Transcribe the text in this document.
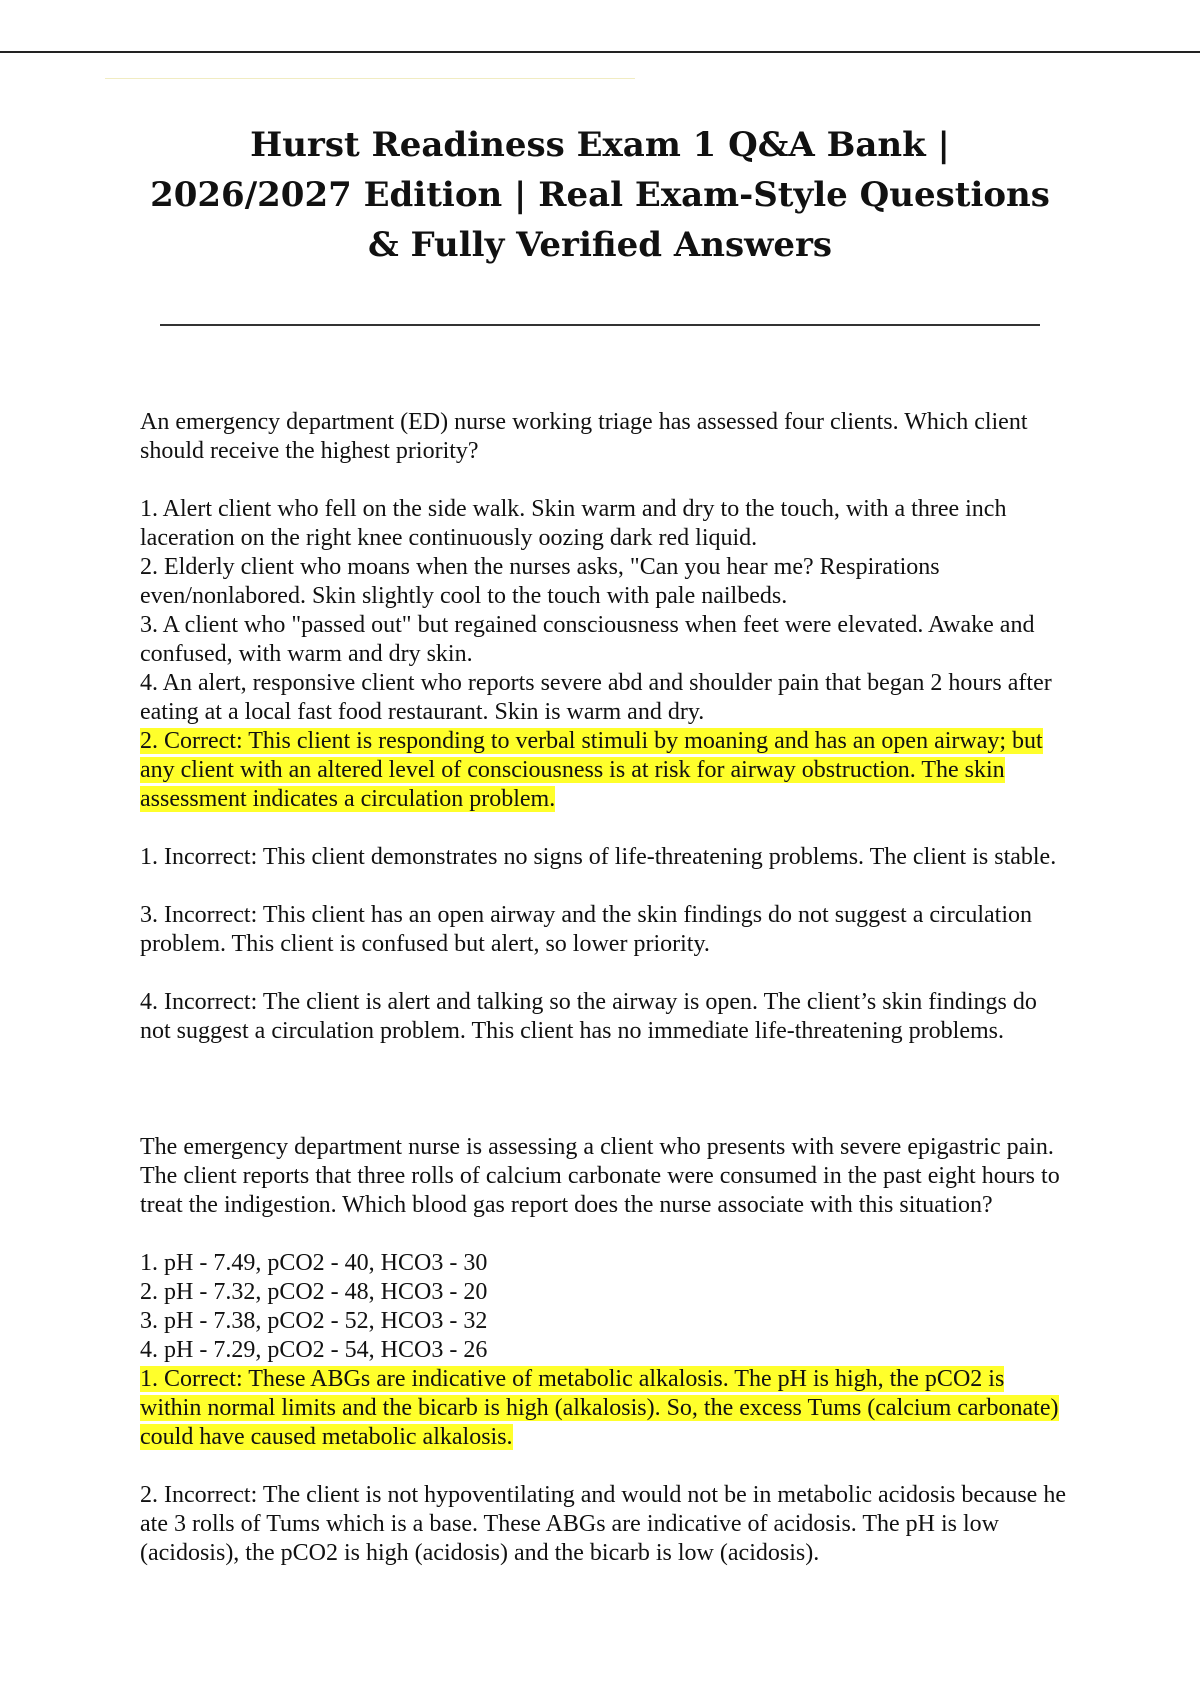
Hurst Readiness Exam 1 Q&A Bank | 2026/2027 Edition | Real Exam-Style Questions & Fully Verified Answers

An emergency department (ED) nurse working triage has assessed four clients. Which client should receive the highest priority?

1. Alert client who fell on the side walk. Skin warm and dry to the touch, with a three inch laceration on the right knee continuously oozing dark red liquid.

2. Elderly client who moans when the nurses asks, "Can you hear me? Respirations even/nonlabored. Skin slightly cool to the touch with pale nailbeds.

3. A client who "passed out" but regained consciousness when feet were elevated. Awake and confused, with warm and dry skin.

4. An alert, responsive client who reports severe abd and shoulder pain that began 2 hours after eating at a local fast food restaurant. Skin is warm and dry.

2. Correct: This client is responding to verbal stimuli by moaning and has an open airway; but any client with an altered level of consciousness is at risk for airway obstruction. The skin assessment indicates a circulation problem.

1. Incorrect: This client demonstrates no signs of life-threatening problems. The client is stable.

3. Incorrect: This client has an open airway and the skin findings do not suggest a circulation problem. This client is confused but alert, so lower priority.

4. Incorrect: The client is alert and talking so the airway is open. The client’s skin findings do not suggest a circulation problem. This client has no immediate life-threatening problems.

The emergency department nurse is assessing a client who presents with severe epigastric pain. The client reports that three rolls of calcium carbonate were consumed in the past eight hours to treat the indigestion. Which blood gas report does the nurse associate with this situation?

1. pH - 7.49, pCO2 - 40, HCO3 - 30

2. pH - 7.32, pCO2 - 48, HCO3 - 20

3. pH - 7.38, pCO2 - 52, HCO3 - 32

4. pH - 7.29, pCO2 - 54, HCO3 - 26

1. Correct: These ABGs are indicative of metabolic alkalosis. The pH is high, the pCO2 is within normal limits and the bicarb is high (alkalosis). So, the excess Tums (calcium carbonate) could have caused metabolic alkalosis.

2. Incorrect: The client is not hypoventilating and would not be in metabolic acidosis because he ate 3 rolls of Tums which is a base. These ABGs are indicative of acidosis. The pH is low (acidosis), the pCO2 is high (acidosis) and the bicarb is low (acidosis).
